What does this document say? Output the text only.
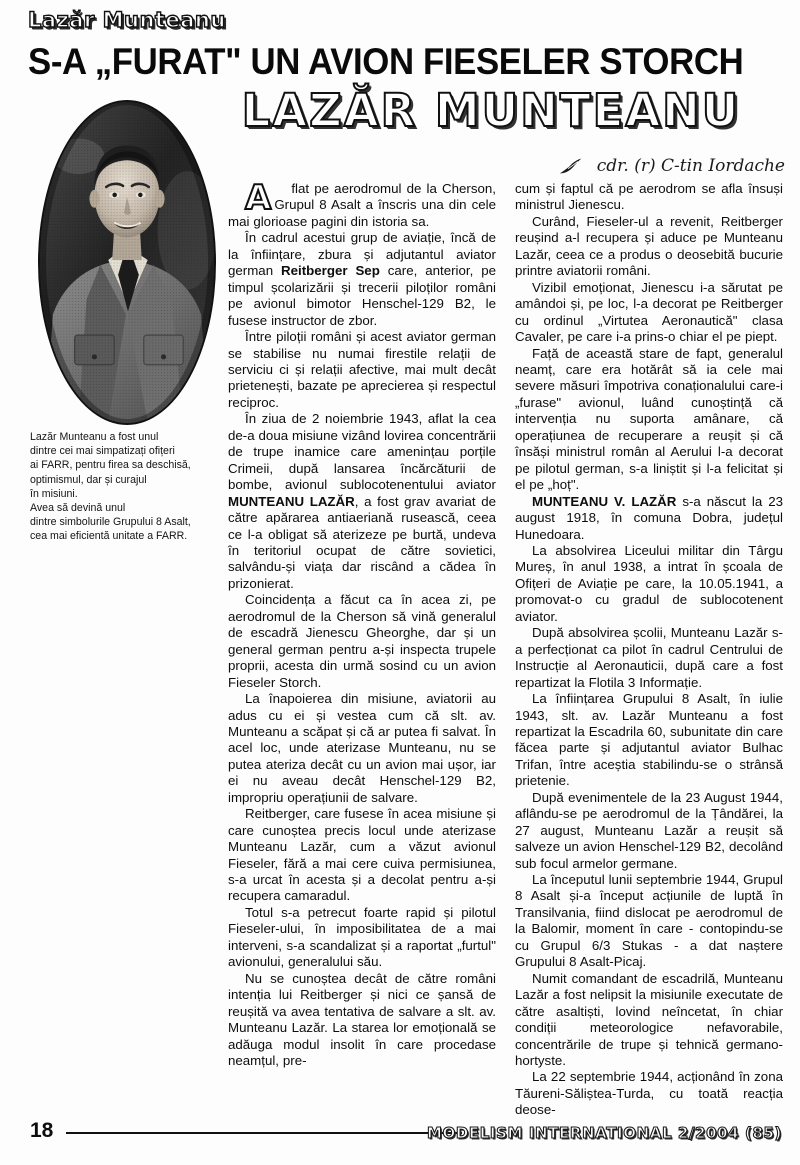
Lazăr Munteanu
S-A „FURAT" UN AVION FIESELER STORCH
LAZĂR MUNTEANU
cdr. (r) C-tin Iordache
Lazăr Munteanu a fost unul
dintre cei mai simpatizați ofițeri
ai FARR, pentru firea sa deschisă,
optimismul, dar și curajul
în misiuni.
Avea să devină unul
dintre simbolurile Grupului 8 Asalt,
cea mai eficientă unitate a FARR.

A flat pe aerodromul de la Cherson, Grupul 8 Asalt a înscris una din cele mai glorioase pagini din istoria sa.

În cadrul acestui grup de aviație, încă de la înființare, zbura și adjutantul aviator german Reitberger Sep care, anterior, pe timpul școlarizării și trecerii piloților români pe avionul bimotor Henschel-129 B2, le fusese instructor de zbor.

Între piloții români și acest aviator german se stabilise nu numai firestile relații de serviciu ci și relații afective, mai mult decât prietenești, bazate pe aprecierea și respectul reciproc.

În ziua de 2 noiembrie 1943, aflat la cea de-a doua misiune vizând lovirea concentrării de trupe inamice care amenințau porțile Crimeii, după lansarea încărcăturii de bombe, avionul sublocotenentului aviator MUNTEANU LAZĂR, a fost grav avariat de către apărarea antiaeriană rusească, ceea ce l-a obligat să aterizeze pe burtă, undeva în teritoriul ocupat de către sovietici, salvându-și viața dar riscând a cădea în prizonierat.

Coincidența a făcut ca în acea zi, pe aerodromul de la Cherson să vină generalul de escadră Jienescu Gheorghe, dar și un general german pentru a-și inspecta trupele proprii, acesta din urmă sosind cu un avion Fieseler Storch.

La înapoierea din misiune, aviatorii au adus cu ei și vestea cum că slt. av. Munteanu a scăpat și că ar putea fi salvat. În acel loc, unde aterizase Munteanu, nu se putea ateriza decât cu un avion mai ușor, iar ei nu aveau decât Henschel-129 B2, impropriu operațiunii de salvare.

Reitberger, care fusese în acea misiune și care cunoștea precis locul unde aterizase Munteanu Lazăr, cum a văzut avionul Fieseler, fără a mai cere cuiva permisiunea, s-a urcat în acesta și a decolat pentru a-și recupera camaradul.

Totul s-a petrecut foarte rapid și pilotul Fieseler-ului, în imposibilitatea de a mai interveni, s-a scandalizat și a raportat „furtul" avionului, generalului său.

Nu se cunoștea decât de către români intenția lui Reitberger și nici ce șansă de reușită va avea tentativa de salvare a slt. av. Munteanu Lazăr. La starea lor emoțională se adăuga modul insolit în care procedase neamțul, pre-

cum și faptul că pe aerodrom se afla însuși ministrul Jienescu.

Curând, Fieseler-ul a revenit, Reitberger reușind a-l recupera și aduce pe Munteanu Lazăr, ceea ce a produs o deosebită bucurie printre aviatorii români.

Vizibil emoționat, Jienescu i-a sărutat pe amândoi și, pe loc, l-a decorat pe Reitberger cu ordinul „Virtutea Aeronautică" clasa Cavaler, pe care i-a prins-o chiar el pe piept.

Față de această stare de fapt, generalul neamț, care era hotărât să ia cele mai severe măsuri împotriva conaționalului care-i „furase" avionul, luând cunoștință că intervenția nu suporta amânare, că operațiunea de recuperare a reușit și că însăși ministrul român al Aerului l-a decorat pe pilotul german, s-a liniștit și l-a felicitat și el pe „hoț".

MUNTEANU V. LAZĂR s-a născut la 23 august 1918, în comuna Dobra, județul Hunedoara.

La absolvirea Liceului militar din Târgu Mureș, în anul 1938, a intrat în școala de Ofițeri de Aviație pe care, la 10.05.1941, a promovat-o cu gradul de sublocotenent aviator.

După absolvirea școlii, Munteanu Lazăr s-a perfecționat ca pilot în cadrul Centrului de Instrucție al Aeronauticii, după care a fost repartizat la Flotila 3 Informație.

La înființarea Grupului 8 Asalt, în iulie 1943, slt. av. Lazăr Munteanu a fost repartizat la Escadrila 60, subunitate din care făcea parte și adjutantul aviator Bulhac Trifan, între aceștia stabilindu-se o strânsă prietenie.

După evenimentele de la 23 August 1944, aflându-se pe aerodromul de la Țândărei, la 27 august, Munteanu Lazăr a reușit să salveze un avion Henschel-129 B2, decolând sub focul armelor germane.

La începutul lunii septembrie 1944, Grupul 8 Asalt și-a început acțiunile de luptă în Transilvania, fiind dislocat pe aerodromul de la Balomir, moment în care - contopindu-se cu Grupul 6/3 Stukas - a dat naștere Grupului 8 Asalt-Picaj.

Numit comandant de escadrilă, Munteanu Lazăr a fost nelipsit la misiunile executate de către asaltiști, lovind neîncetat, în chiar condiții meteorologice nefavorabile, concentrările de trupe și tehnică germano-hortyste.

La 22 septembrie 1944, acționând în zona Tăureni-Săliștea-Turda, cu toată reacția deose-

18	MODELISM INTERNATIONAL 2/2004 (85)
